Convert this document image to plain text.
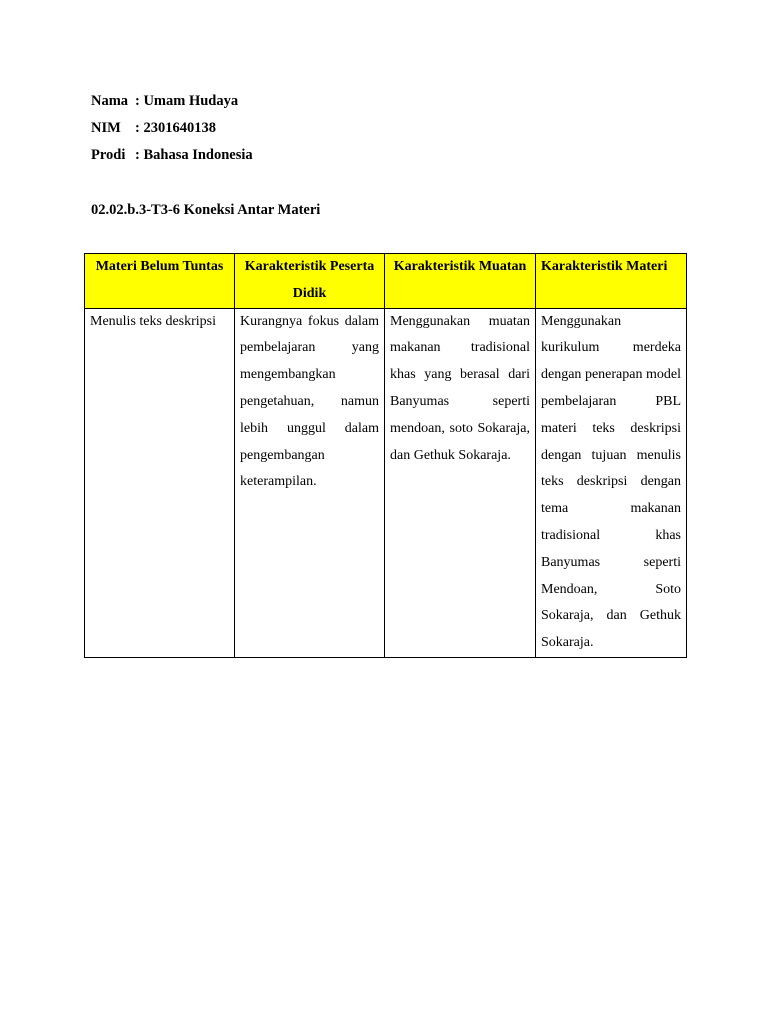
Nama : Umam Hudaya
NIM : 2301640138
Prodi : Bahasa Indonesia
02.02.b.3-T3-6 Koneksi Antar Materi
Materi Belum Tuntas	Karakteristik Peserta Didik	Karakteristik Muatan	Karakteristik Materi
Menulis teks deskripsi	Kurangnya fokus dalam pembelajaran yang mengembangkan pengetahuan, namun lebih unggul dalam pengembangan keterampilan.	Menggunakan muatan makanan tradisional khas yang berasal dari Banyumas seperti mendoan, soto Sokaraja, dan Gethuk Sokaraja.	Menggunakan kurikulum merdeka dengan penerapan model pembelajaran PBL materi teks deskripsi dengan tujuan menulis teks deskripsi dengan tema makanan tradisional khas Banyumas seperti Mendoan, Soto Sokaraja, dan Gethuk Sokaraja.
